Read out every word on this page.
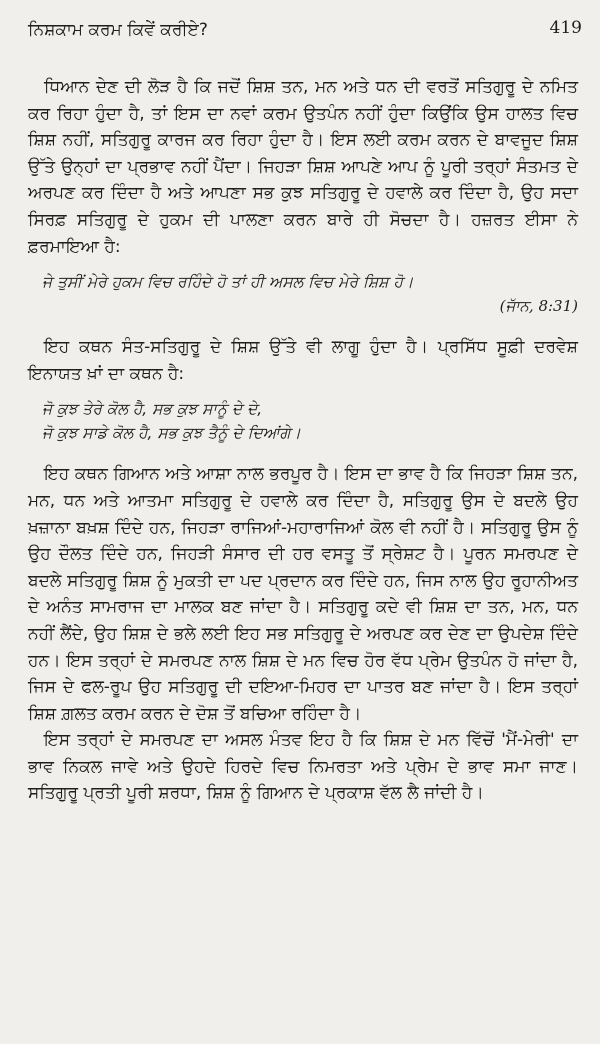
ਨਿਸ਼ਕਾਮ ਕਰਮ ਕਿਵੇਂ ਕਰੀਏ?	419

ਧਿਆਨ ਦੇਣ ਦੀ ਲੋੜ ਹੈ ਕਿ ਜਦੋਂ ਸ਼ਿਸ਼ ਤਨ, ਮਨ ਅਤੇ ਧਨ ਦੀ ਵਰਤੋਂ ਸਤਿਗੁਰੂ ਦੇ ਨਮਿਤ ਕਰ ਰਿਹਾ ਹੁੰਦਾ ਹੈ, ਤਾਂ ਇਸ ਦਾ ਨਵਾਂ ਕਰਮ ਉਤਪੰਨ ਨਹੀਂ ਹੁੰਦਾ ਕਿਉਂਕਿ ਉਸ ਹਾਲਤ ਵਿਚ ਸ਼ਿਸ਼ ਨਹੀਂ, ਸਤਿਗੁਰੂ ਕਾਰਜ ਕਰ ਰਿਹਾ ਹੁੰਦਾ ਹੈ। ਇਸ ਲਈ ਕਰਮ ਕਰਨ ਦੇ ਬਾਵਜੂਦ ਸ਼ਿਸ਼ ਉੱਤੇ ਉਨ੍ਹਾਂ ਦਾ ਪ੍ਰਭਾਵ ਨਹੀਂ ਪੈਂਦਾ। ਜਿਹੜਾ ਸ਼ਿਸ਼ ਆਪਣੇ ਆਪ ਨੂੰ ਪੂਰੀ ਤਰ੍ਹਾਂ ਸੰਤਮਤ ਦੇ ਅਰਪਣ ਕਰ ਦਿੰਦਾ ਹੈ ਅਤੇ ਆਪਣਾ ਸਭ ਕੁਝ ਸਤਿਗੁਰੂ ਦੇ ਹਵਾਲੇ ਕਰ ਦਿੰਦਾ ਹੈ, ਉਹ ਸਦਾ ਸਿਰਫ਼ ਸਤਿਗੁਰੂ ਦੇ ਹੁਕਮ ਦੀ ਪਾਲਣਾ ਕਰਨ ਬਾਰੇ ਹੀ ਸੋਚਦਾ ਹੈ। ਹਜ਼ਰਤ ਈਸਾ ਨੇ ਫ਼ਰਮਾਇਆ ਹੈ:

ਜੇ ਤੁਸੀਂ ਮੇਰੇ ਹੁਕਮ ਵਿਚ ਰਹਿੰਦੇ ਹੋ ਤਾਂ ਹੀ ਅਸਲ ਵਿਚ ਮੇਰੇ ਸ਼ਿਸ਼ ਹੋ।

(ਜਾੱਨ, 8:31)

ਇਹ ਕਥਨ ਸੰਤ-ਸਤਿਗੁਰੂ ਦੇ ਸ਼ਿਸ਼ ਉੱਤੇ ਵੀ ਲਾਗੂ ਹੁੰਦਾ ਹੈ। ਪ੍ਰਸਿੱਧ ਸੂਫ਼ੀ ਦਰਵੇਸ਼ ਇਨਾਯਤ ਖ਼ਾਂ ਦਾ ਕਥਨ ਹੈ:

ਜੋ ਕੁਝ ਤੇਰੇ ਕੋਲ ਹੈ, ਸਭ ਕੁਝ ਸਾਨੂੰ ਦੇ ਦੇ,

ਜੋ ਕੁਝ ਸਾਡੇ ਕੋਲ ਹੈ, ਸਭ ਕੁਝ ਤੈਨੂੰ ਦੇ ਦਿਆਂਗੇ।

ਇਹ ਕਥਨ ਗਿਆਨ ਅਤੇ ਆਸ਼ਾ ਨਾਲ ਭਰਪੂਰ ਹੈ। ਇਸ ਦਾ ਭਾਵ ਹੈ ਕਿ ਜਿਹੜਾ ਸ਼ਿਸ਼ ਤਨ, ਮਨ, ਧਨ ਅਤੇ ਆਤਮਾ ਸਤਿਗੁਰੂ ਦੇ ਹਵਾਲੇ ਕਰ ਦਿੰਦਾ ਹੈ, ਸਤਿਗੁਰੂ ਉਸ ਦੇ ਬਦਲੇ ਉਹ ਖ਼ਜ਼ਾਨਾ ਬਖ਼ਸ਼ ਦਿੰਦੇ ਹਨ, ਜਿਹੜਾ ਰਾਜਿਆਂ-ਮਹਾਰਾਜਿਆਂ ਕੋਲ ਵੀ ਨਹੀਂ ਹੈ। ਸਤਿਗੁਰੂ ਉਸ ਨੂੰ ਉਹ ਦੌਲਤ ਦਿੰਦੇ ਹਨ, ਜਿਹੜੀ ਸੰਸਾਰ ਦੀ ਹਰ ਵਸਤੂ ਤੋਂ ਸ੍ਰੇਸ਼ਟ ਹੈ। ਪੂਰਨ ਸਮਰਪਣ ਦੇ ਬਦਲੇ ਸਤਿਗੁਰੂ ਸ਼ਿਸ਼ ਨੂੰ ਮੁਕਤੀ ਦਾ ਪਦ ਪ੍ਰਦਾਨ ਕਰ ਦਿੰਦੇ ਹਨ, ਜਿਸ ਨਾਲ ਉਹ ਰੂਹਾਨੀਅਤ ਦੇ ਅਨੰਤ ਸਾਮਰਾਜ ਦਾ ਮਾਲਕ ਬਣ ਜਾਂਦਾ ਹੈ। ਸਤਿਗੁਰੂ ਕਦੇ ਵੀ ਸ਼ਿਸ਼ ਦਾ ਤਨ, ਮਨ, ਧਨ ਨਹੀਂ ਲੈਂਦੇ, ਉਹ ਸ਼ਿਸ਼ ਦੇ ਭਲੇ ਲਈ ਇਹ ਸਭ ਸਤਿਗੁਰੂ ਦੇ ਅਰਪਣ ਕਰ ਦੇਣ ਦਾ ਉਪਦੇਸ਼ ਦਿੰਦੇ ਹਨ। ਇਸ ਤਰ੍ਹਾਂ ਦੇ ਸਮਰਪਣ ਨਾਲ ਸ਼ਿਸ਼ ਦੇ ਮਨ ਵਿਚ ਹੋਰ ਵੱਧ ਪ੍ਰੇਮ ਉਤਪੰਨ ਹੋ ਜਾਂਦਾ ਹੈ, ਜਿਸ ਦੇ ਫਲ-ਰੂਪ ਉਹ ਸਤਿਗੁਰੂ ਦੀ ਦਇਆ-ਮਿਹਰ ਦਾ ਪਾਤਰ ਬਣ ਜਾਂਦਾ ਹੈ। ਇਸ ਤਰ੍ਹਾਂ ਸ਼ਿਸ਼ ਗ਼ਲਤ ਕਰਮ ਕਰਨ ਦੇ ਦੋਸ਼ ਤੋਂ ਬਚਿਆ ਰਹਿੰਦਾ ਹੈ।

ਇਸ ਤਰ੍ਹਾਂ ਦੇ ਸਮਰਪਣ ਦਾ ਅਸਲ ਮੰਤਵ ਇਹ ਹੈ ਕਿ ਸ਼ਿਸ਼ ਦੇ ਮਨ ਵਿੱਚੋਂ 'ਮੈਂ-ਮੇਰੀ' ਦਾ ਭਾਵ ਨਿਕਲ ਜਾਵੇ ਅਤੇ ਉਹਦੇ ਹਿਰਦੇ ਵਿਚ ਨਿਮਰਤਾ ਅਤੇ ਪ੍ਰੇਮ ਦੇ ਭਾਵ ਸਮਾ ਜਾਣ। ਸਤਿਗੁਰੂ ਪ੍ਰਤੀ ਪੂਰੀ ਸ਼ਰਧਾ, ਸ਼ਿਸ਼ ਨੂੰ ਗਿਆਨ ਦੇ ਪ੍ਰਕਾਸ਼ ਵੱਲ ਲੈ ਜਾਂਦੀ ਹੈ।
